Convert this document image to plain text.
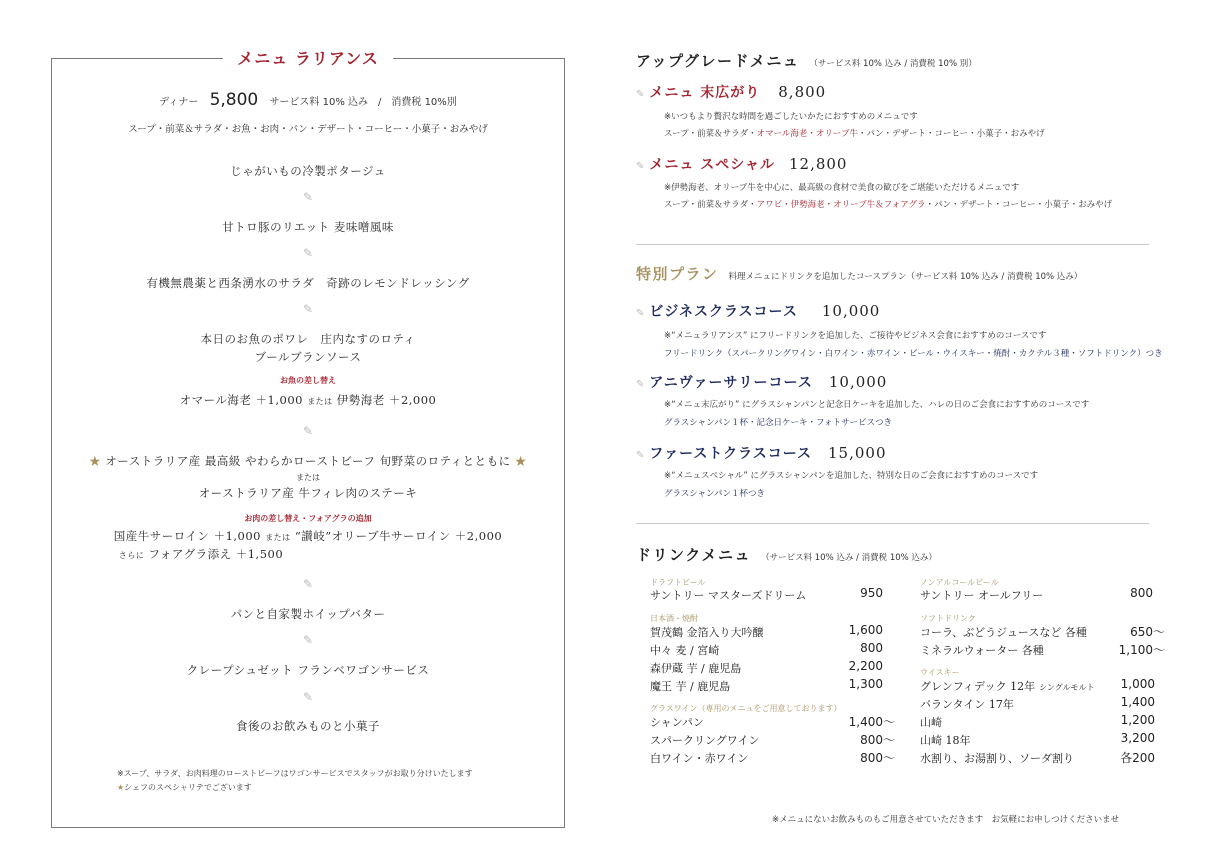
メニュ ラリアンス
ディナー 5,800 サービス料 10% 込み　/　消費税 10%別
スープ・前菜＆サラダ・お魚・お肉・パン・デザート・コーヒー・小菓子・おみやげ
じゃがいもの冷製ポタージュ
✎
甘トロ豚のリエット 麦味噌風味
✎
有機無農薬と西条湧水のサラダ　奇跡のレモンドレッシング
✎
本日のお魚のポワレ　庄内なすのロティ
ブールブランソース
お魚の差し替え
オマール海老 ＋1,000 または 伊勢海老 ＋2,000
✎
★ オーストラリア産 最高級 やわらかローストビーフ 旬野菜のロティとともに ★
または
オーストラリア産 牛フィレ肉のステーキ
お肉の差し替え・フォアグラの追加
国産牛サーロイン ＋1,000 または “讃岐”オリーブ牛サーロイン ＋2,000
さらに フォアグラ添え ＋1,500
✎
パンと自家製ホイップバター
✎
クレープシュゼット フランベワゴンサービス
✎
食後のお飲みものと小菓子
※スープ、サラダ、お肉料理のローストビーフはワゴンサービスでスタッフがお取り分けいたします
★シェフのスペシャリテでございます
アップグレードメニュ （サービス料 10% 込み / 消費税 10% 別）
✎ メニュ 末広がり 8,800
※いつもより贅沢な時間を過ごしたいかたにおすすめのメニュです
スープ・前菜＆サラダ・オマール海老・オリーブ牛・パン・デザート・コーヒー・小菓子・おみやげ
✎ メニュ スペシャル 12,800
※伊勢海老、オリーブ牛を中心に、最高級の食材で美食の歓びをご堪能いただけるメニュです
スープ・前菜＆サラダ・アワビ・伊勢海老・オリーブ牛＆フォアグラ・パン・デザート・コーヒー・小菓子・おみやげ
特別プラン 料理メニュにドリンクを追加したコースプラン（サービス料 10% 込み / 消費税 10% 込み）
✎ ビジネスクラスコース 10,000
※“メニュラリアンス” にフリードリンクを追加した、ご接待やビジネス会食におすすめのコースです
フリードリンク（スパークリングワイン・白ワイン・赤ワイン・ビール・ウイスキー・焼酎・カクテル３種・ソフトドリンク）つき
✎ アニヴァーサリーコース 10,000
※“メニュ末広がり” にグラスシャンパンと記念日ケーキを追加した、ハレの日のご会食におすすめのコースです
グラスシャンパン１杯・記念日ケーキ・フォトサービスつき
✎ ファーストクラスコース 15,000
※“メニュスペシャル” にグラスシャンパンを追加した、特別な日のご会食におすすめのコースです
グラスシャンパン１杯つき
ドリンクメニュ （サービス料 10% 込み / 消費税 10% 込み）
ドラフトビール
サントリー マスターズドリーム	950
日本酒・焼酎
賀茂鶴 金箔入り大吟醸	1,600
中々 麦 / 宮崎	800
森伊蔵 芋 / 鹿児島	2,200
魔王 芋 / 鹿児島	1,300
グラスワイン（専用のメニュをご用意しております）
シャンパン	1,400～
スパークリングワイン	800～
白ワイン・赤ワイン	800～
ノンアルコールビール
サントリー オールフリー	800
ソフトドリンク
コーラ、ぶどうジュースなど 各種	650～
ミネラルウォーター 各種	1,100～
ウイスキー
グレンフィデック 12年 シングルモルト	1,000
バランタイン 17年	1,400
山崎	1,200
山崎 18年	3,200
水割り、お湯割り、ソーダ割り	各200
※メニュにないお飲みものもご用意させていただきます　お気軽にお申しつけくださいませ
